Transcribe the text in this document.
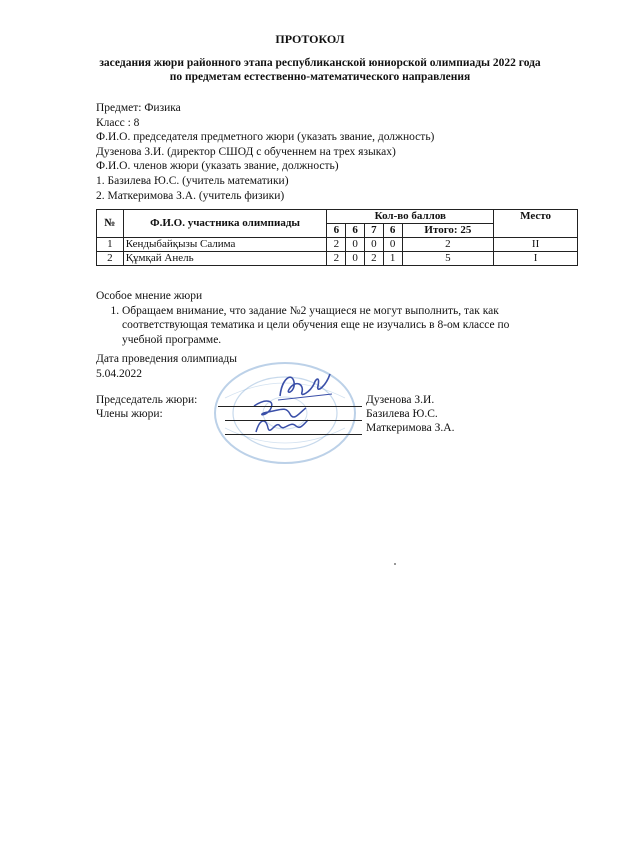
ПРОТОКОЛ
заседания жюри районного этапа республиканской юниорской олимпиады 2022 года
по предметам естественно-математического направления
Предмет: Физика
Класс : 8
Ф.И.О. председателя предметного жюри (указать звание, должность)
Дузенова З.И. (директор СШОД с обученнем на трех языках)
Ф.И.О. членов жюри (указать звание, должность)
1. Базилева Ю.С. (учитель математики)
2. Маткеримова З.А. (учитель физики)
№	Ф.И.О. участника олимпиады	Кол-во баллов					Место
		6	6	7	6	Итого: 25	
1	Кендыбайқызы Салима	2	0	0	0	2	II
2	Құмқай Анель	2	0	2	1	5	I
Особое мнение жюри
1. Обращаем внимание, что задание №2 учащиеся не могут выполнить, так как
соответствующая тематика и цели обучения еще не изучались в 8-ом классе по
учебной программе.
Дата проведения олимпиады
5.04.2022
Председатель жюри:	Дузенова З.И.
Члены жюри:	Базилева Ю.С.
Маткеримова З.А.
